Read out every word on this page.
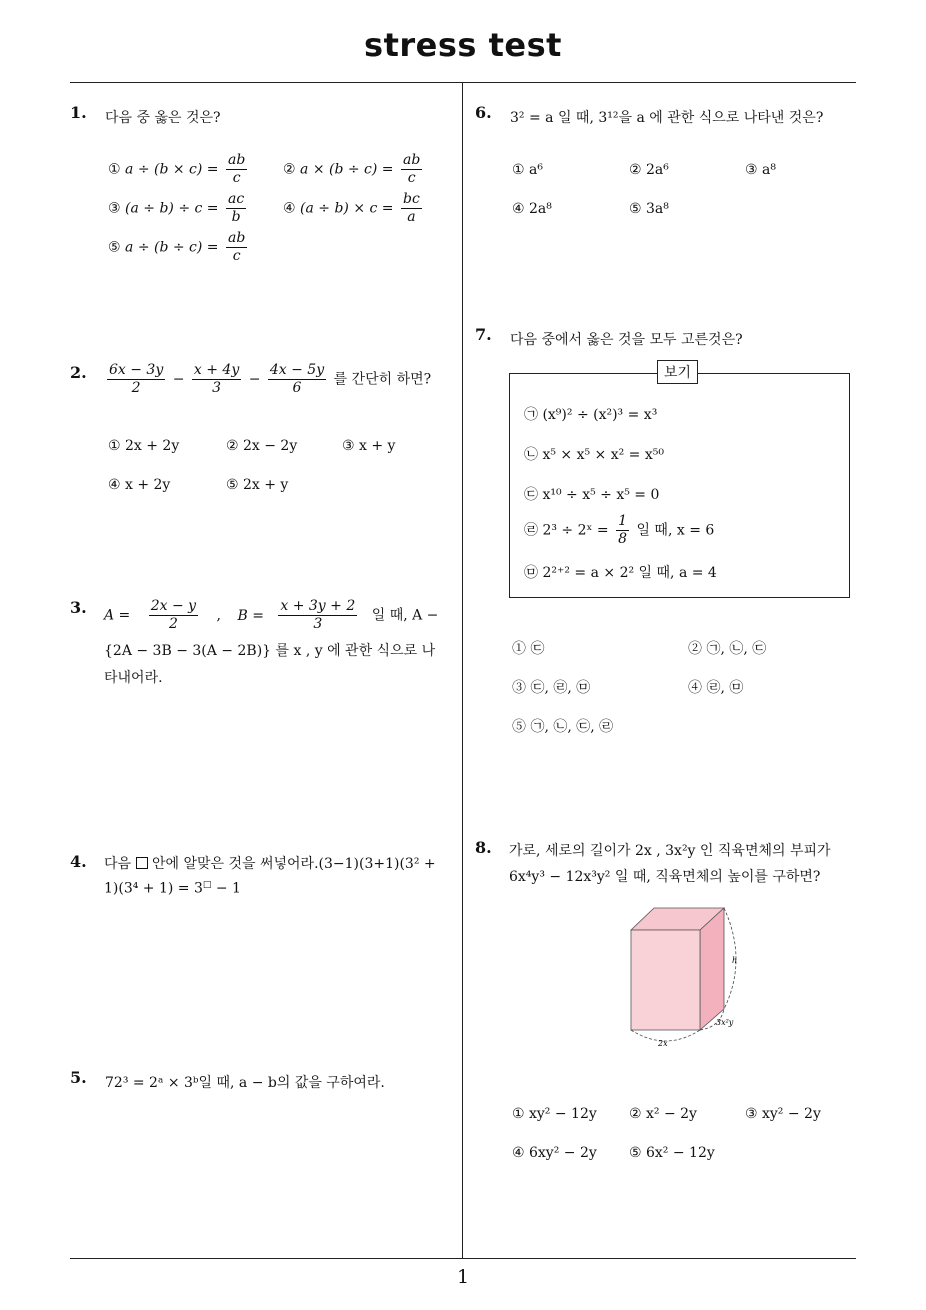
stress test
1
1. 다음 중 옳은 것은?
① $a \div (b \times c) = \frac{ab}{c}$	② $a \times (b \div c) = \frac{ab}{c}$
③ $(a \div b) \div c = \frac{ac}{b}$	④ $(a \div b) \times c = \frac{bc}{a}$
⑤ $a \div (b \div c) = \frac{ab}{c}$
2. $\frac{6x - 3y}{2} - \frac{x + 4y}{3} - \frac{4x - 5y}{6}$ 를 간단히 하면?
① 2x + 2y	② 2x − 2y	③ x + y
④ x + 2y	⑤ 2x + y
3. $A = \frac{2x - y}{2}$ , $B = \frac{x + 3y + 2}{3}$ 일 때, A −
{2A − 3B − 3(A − 2B)} 를 x , y 에 관한 식으로 나
타내어라.
4. 다음 안에 알맞은 것을 써넣어라.(3−1)(3+1)(3² +
1)(3⁴ + 1) = 3□ − 1
5. 72³ = 2ᵃ × 3ᵇ일 때, a − b의 값을 구하여라.
6. 3² = a 일 때, 3¹²을 a 에 관한 식으로 나타낸 것은?
① a⁶	② 2a⁶	③ a⁸
④ 2a⁸	⑤ 3a⁸
7. 다음 중에서 옳은 것을 모두 고른것은?
보기
㉠ (x⁹)² ÷ (x²)³ = x³
㉡ x⁵ × x⁵ × x² = x⁵⁰
㉢ x¹⁰ ÷ x⁵ ÷ x⁵ = 0
㉣ 2³ ÷ 2ˣ = $\frac{1}{8}$ 일 때, x = 6
㉤ 2²⁺² = a × 2² 일 때, a = 4
① ㉢	② ㉠, ㉡, ㉢
③ ㉢, ㉣, ㉤	④ ㉣, ㉤
⑤ ㉠, ㉡, ㉢, ㉣
8. 가로, 세로의 길이가 2x , 3x²y 인 직육면체의 부피가
6x⁴y³ − 12x³y² 일 때, 직육면체의 높이를 구하면?
h
3x²y
2x
① xy² − 12y ② x² − 2y	③ xy² − 2y
④ 6xy² − 2y ⑤ 6x² − 12y
